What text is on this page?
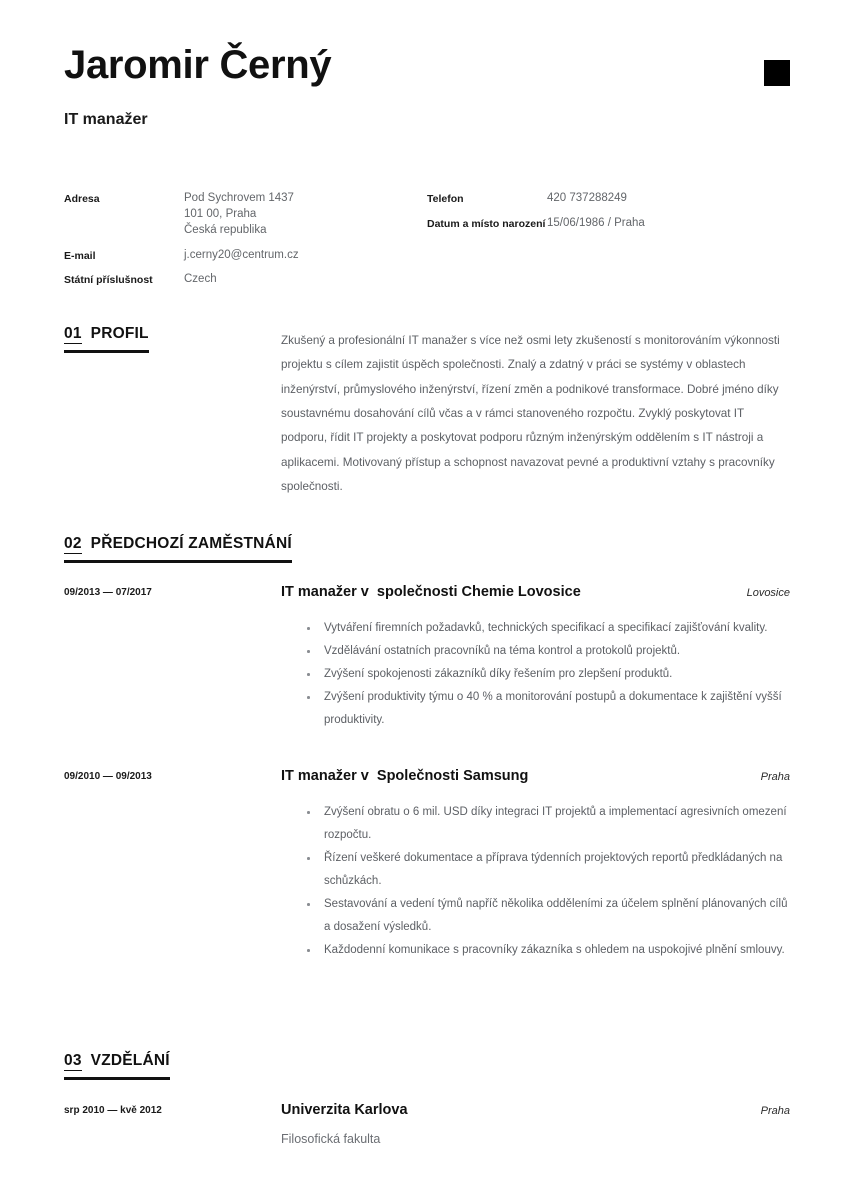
Jaromir Černý
IT manažer
Adresa	Pod Sychrovem 1437
101 00, Praha
Česká republika
E-mail	j.cerny20@centrum.cz
Státní příslušnost	Czech
Telefon	420 737288249
Datum a místo narození 15/06/1986 / Praha
01 PROFIL	Zkušený a profesionální IT manažer s více než osmi lety zkušeností s monitorováním výkonnosti projektu s cílem zajistit úspěch společnosti. Znalý a zdatný v práci se systémy v oblastech inženýrství, průmyslového inženýrství, řízení změn a podnikové transformace. Dobré jméno díky soustavnému dosahování cílů včas a v rámci stanoveného rozpočtu. Zvyklý poskytovat IT podporu, řídit IT projekty a poskytovat podporu různým inženýrským oddělením s IT nástroji a aplikacemi. Motivovaný přístup a schopnost navazovat pevné a produktivní vztahy s pracovníky společnosti.
02 PŘEDCHOZÍ ZAMĚSTNÁNÍ
09/2013 — 07/2017	IT manažer v  společnosti Chemie Lovosice	Lovosice
Vytváření firemních požadavků, technických specifikací a specifikací zajišťování kvality.
Vzdělávání ostatních pracovníků na téma kontrol a protokolů projektů.
Zvýšení spokojenosti zákazníků díky řešením pro zlepšení produktů.
Zvýšení produktivity týmu o 40 % a monitorování postupů a dokumentace k zajištění vyšší produktivity.
09/2010 — 09/2013	IT manažer v  Společnosti Samsung	Praha
Zvýšení obratu o 6 mil. USD díky integraci IT projektů a implementací agresivních omezení rozpočtu.
Řízení veškeré dokumentace a příprava týdenních projektových reportů předkládaných na schůzkách.
Sestavování a vedení týmů napříč několika odděleními za účelem splnění plánovaných cílů a dosažení výsledků.
Každodenní komunikace s pracovníky zákazníka s ohledem na uspokojivé plnění smlouvy.
03 VZDĚLÁNÍ
srp 2010 — kvě 2012	Univerzita Karlova	Praha
Filosofická fakulta
